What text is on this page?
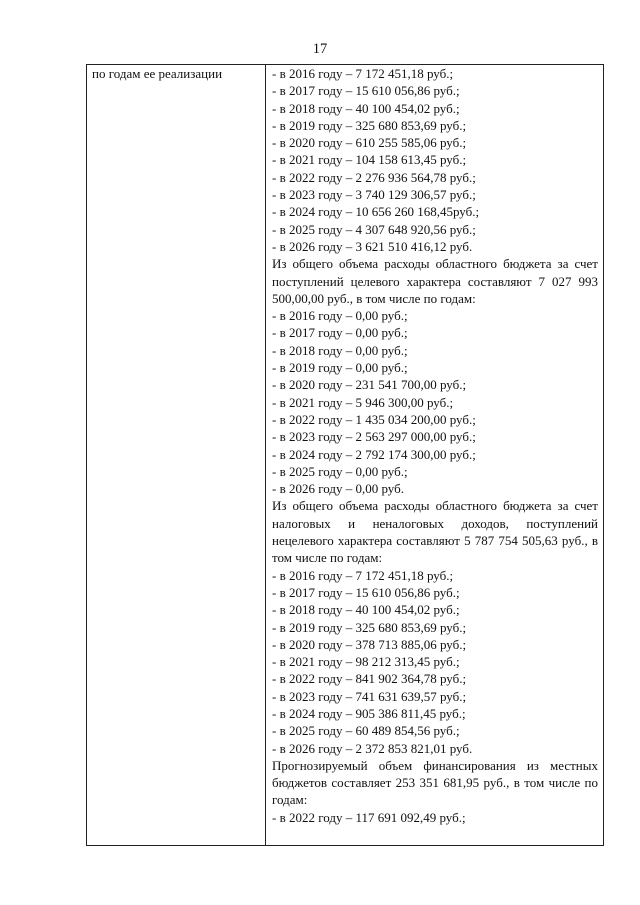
17
по годам ее реализации	- в 2016 году – 7 172 451,18 руб.;
- в 2017 году – 15 610 056,86 руб.;
- в 2018 году – 40 100 454,02 руб.;
- в 2019 году – 325 680 853,69 руб.;
- в 2020 году – 610 255 585,06 руб.;
- в 2021 году – 104 158 613,45 руб.;
- в 2022 году – 2 276 936 564,78 руб.;
- в 2023 году – 3 740 129 306,57 руб.;
- в 2024 году – 10 656 260 168,45руб.;
- в 2025 году – 4 307 648 920,56 руб.;
- в 2026 году – 3 621 510 416,12 руб.
Из общего объема расходы областного бюджета за счет поступлений целевого характера составляют 7 027 993 500,00,00 руб., в том числе по годам:
- в 2016 году – 0,00 руб.;
- в 2017 году – 0,00 руб.;
- в 2018 году – 0,00 руб.;
- в 2019 году – 0,00 руб.;
- в 2020 году – 231 541 700,00 руб.;
- в 2021 году – 5 946 300,00 руб.;
- в 2022 году – 1 435 034 200,00 руб.;
- в 2023 году – 2 563 297 000,00 руб.;
- в 2024 году – 2 792 174 300,00 руб.;
- в 2025 году – 0,00 руб.;
- в 2026 году – 0,00 руб.
Из общего объема расходы областного бюджета за счет налоговых и неналоговых доходов, поступлений нецелевого характера составляют 5 787 754 505,63 руб., в том числе по годам:
- в 2016 году – 7 172 451,18 руб.;
- в 2017 году – 15 610 056,86 руб.;
- в 2018 году – 40 100 454,02 руб.;
- в 2019 году – 325 680 853,69 руб.;
- в 2020 году – 378 713 885,06 руб.;
- в 2021 году – 98 212 313,45 руб.;
- в 2022 году – 841 902 364,78 руб.;
- в 2023 году – 741 631 639,57 руб.;
- в 2024 году – 905 386 811,45 руб.;
- в 2025 году – 60 489 854,56 руб.;
- в 2026 году – 2 372 853 821,01 руб.
Прогнозируемый объем финансирования из местных бюджетов составляет 253 351 681,95 руб., в том числе по годам:
- в 2022 году – 117 691 092,49 руб.;
